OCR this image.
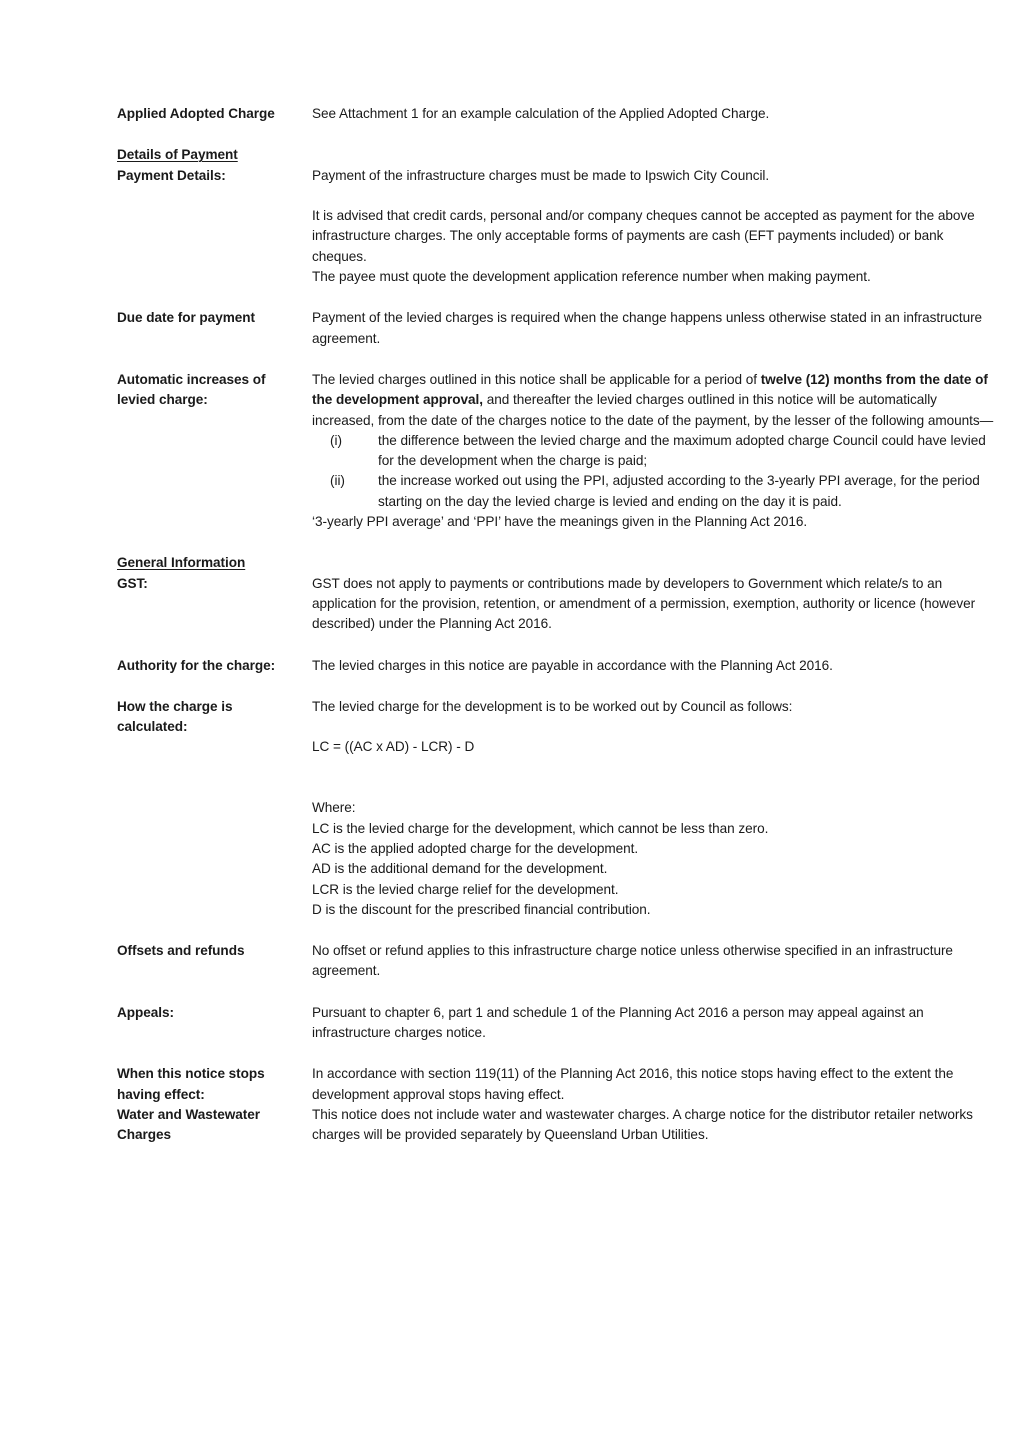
Applied Adopted Charge	See Attachment 1 for an example calculation of the Applied Adopted Charge.

Details of Payment
Payment Details:	Payment of the infrastructure charges must be made to Ipswich City Council.

It is advised that credit cards, personal and/or company cheques cannot be accepted as payment for the above infrastructure charges. The only acceptable forms of payments are cash (EFT payments included) or bank cheques.

The payee must quote the development application reference number when making payment.

Due date for payment	Payment of the levied charges is required when the change happens unless otherwise stated in an infrastructure agreement.

Automatic increases of
levied charge:

The levied charges outlined in this notice shall be applicable for a period of twelve (12) months from the date of the development approval, and thereafter the levied charges outlined in this notice will be automatically increased, from the date of the charges notice to the date of the payment, by the lesser of the following amounts—

(i)	the difference between the levied charge and the maximum adopted charge Council could have levied for the development when the charge is paid;
(ii)	the increase worked out using the PPI, adjusted according to the 3-yearly PPI average, for the period starting on the day the levied charge is levied and ending on the day it is paid.

‘3-yearly PPI average’ and ‘PPI’ have the meanings given in the Planning Act 2016.

General Information
GST:	GST does not apply to payments or contributions made by developers to Government which relate/s to an application for the provision, retention, or amendment of a permission, exemption, authority or licence (however described) under the Planning Act 2016.

Authority for the charge:	The levied charges in this notice are payable in accordance with the Planning Act 2016.

How the charge is
calculated:

The levied charge for the development is to be worked out by Council as follows:

LC = ((AC x AD) - LCR) - D
Where:
LC is the levied charge for the development, which cannot be less than zero.
AC is the applied adopted charge for the development.
AD is the additional demand for the development.
LCR is the levied charge relief for the development.
D is the discount for the prescribed financial contribution.
Offsets and refunds	No offset or refund applies to this infrastructure charge notice unless otherwise specified in an infrastructure agreement.

Appeals:	Pursuant to chapter 6, part 1 and schedule 1 of the Planning Act 2016 a person may appeal against an infrastructure charges notice.

When this notice stops
having effect:

In accordance with section 119(11) of the Planning Act 2016, this notice stops having effect to the extent the development approval stops having effect.

Water and Wastewater
Charges

This notice does not include water and wastewater charges. A charge notice for the distributor retailer networks charges will be provided separately by Queensland Urban Utilities.
